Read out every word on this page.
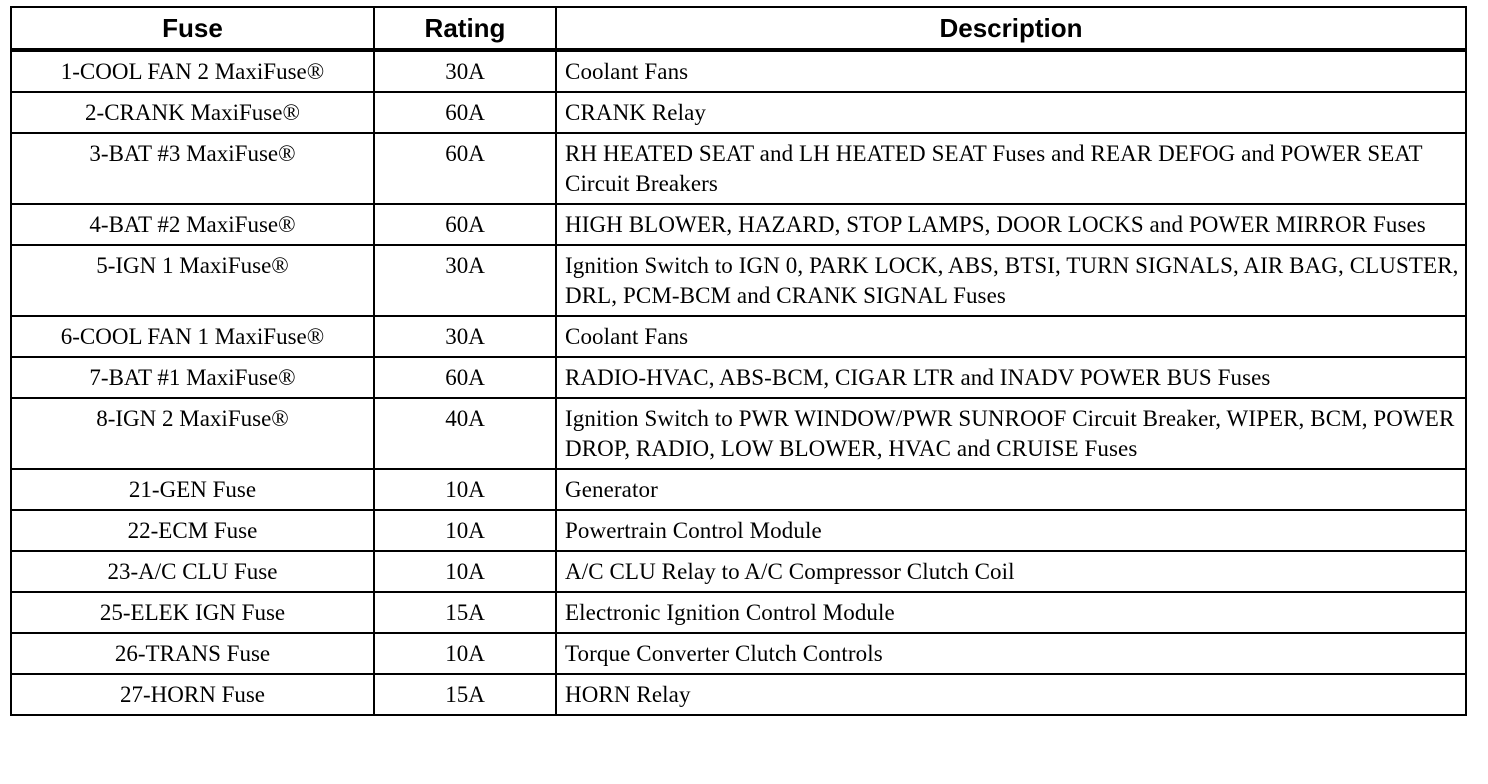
Fuse	Rating	Description
1-COOL FAN 2 MaxiFuse®	30A	Coolant Fans
2-CRANK MaxiFuse®	60A	CRANK Relay
3-BAT #3 MaxiFuse®	60A	RH HEATED SEAT and LH HEATED SEAT Fuses and REAR DEFOG and POWER SEAT Circuit Breakers
4-BAT #2 MaxiFuse®	60A	HIGH BLOWER, HAZARD, STOP LAMPS, DOOR LOCKS and POWER MIRROR Fuses
5-IGN 1 MaxiFuse®	30A	Ignition Switch to IGN 0, PARK LOCK, ABS, BTSI, TURN SIGNALS, AIR BAG, CLUSTER, DRL, PCM-BCM and CRANK SIGNAL Fuses
6-COOL FAN 1 MaxiFuse®	30A	Coolant Fans
7-BAT #1 MaxiFuse®	60A	RADIO-HVAC, ABS-BCM, CIGAR LTR and INADV POWER BUS Fuses
8-IGN 2 MaxiFuse®	40A	Ignition Switch to PWR WINDOW/PWR SUNROOF Circuit Breaker, WIPER, BCM, POWER DROP, RADIO, LOW BLOWER, HVAC and CRUISE Fuses
21-GEN Fuse	10A	Generator
22-ECM Fuse	10A	Powertrain Control Module
23-A/C CLU Fuse	10A	A/C CLU Relay to A/C Compressor Clutch Coil
25-ELEK IGN Fuse	15A	Electronic Ignition Control Module
26-TRANS Fuse	10A	Torque Converter Clutch Controls
27-HORN Fuse	15A	HORN Relay
